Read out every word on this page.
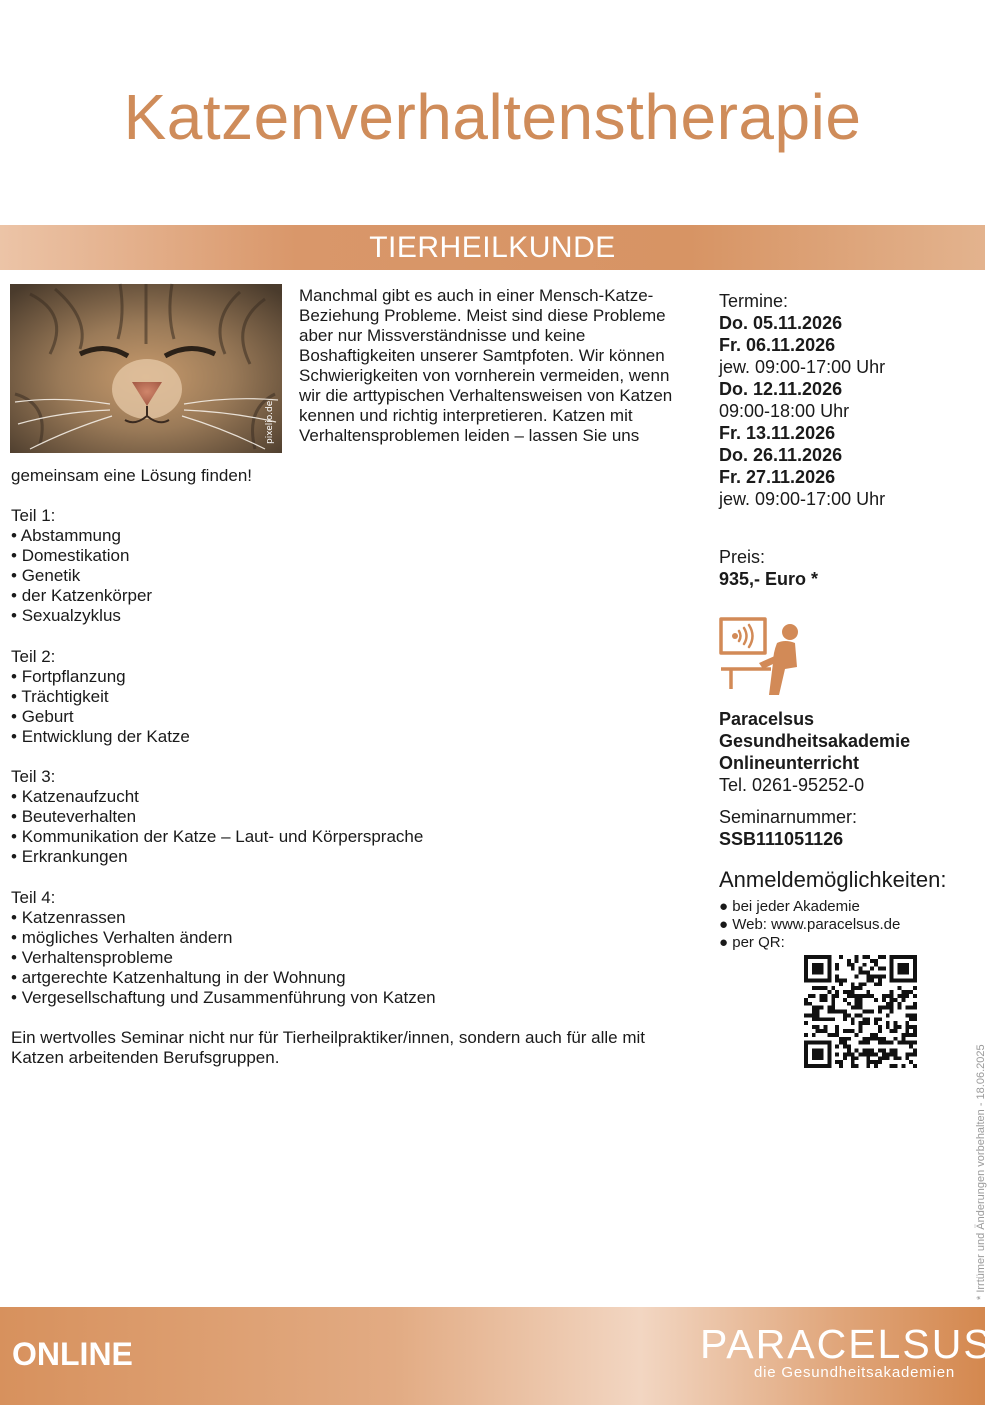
Katzenverhaltenstherapie
TIERHEILKUNDE
pixelio.de
Manchmal gibt es auch in einer Mensch-Katze-Beziehung Probleme. Meist sind diese Probleme aber nur Missverständnisse und keine Boshaftigkeiten unserer Samtpfoten. Wir können Schwierigkeiten von vornherein vermeiden, wenn wir die arttypischen Verhaltensweisen von Katzen kennen und richtig interpretieren. Katzen mit Verhaltensproblemen leiden – lassen Sie uns
gemeinsam eine Lösung finden!
Teil 1:
• Abstammung
• Domestikation
• Genetik
• der Katzenkörper
• Sexualzyklus
Teil 2:
• Fortpflanzung
• Trächtigkeit
• Geburt
• Entwicklung der Katze
Teil 3:
• Katzenaufzucht
• Beuteverhalten
• Kommunikation der Katze – Laut- und Körpersprache
• Erkrankungen
Teil 4:
• Katzenrassen
• mögliches Verhalten ändern
• Verhaltensprobleme
• artgerechte Katzenhaltung in der Wohnung
• Vergesellschaftung und Zusammenführung von Katzen
Ein wertvolles Seminar nicht nur für Tierheilpraktiker/innen, sondern auch für alle mit Katzen arbeitenden Berufsgruppen.
Termine:
Do. 05.11.2026
Fr. 06.11.2026
jew. 09:00-17:00 Uhr
Do. 12.11.2026
09:00-18:00 Uhr
Fr. 13.11.2026
Do. 26.11.2026
Fr. 27.11.2026
jew. 09:00-17:00 Uhr
Preis:
935,- Euro *
Paracelsus
Gesundheitsakademie
Onlineunterricht
Tel. 0261-95252-0
Seminarnummer:
SSB111051126
Anmeldemöglichkeiten:
● bei jeder Akademie
● Web: www.paracelsus.de
● per QR:
* Irrtümer und Änderungen vorbehalten - 18.06.2025
ONLINE	PARACELSUS
die Gesundheitsakademien
